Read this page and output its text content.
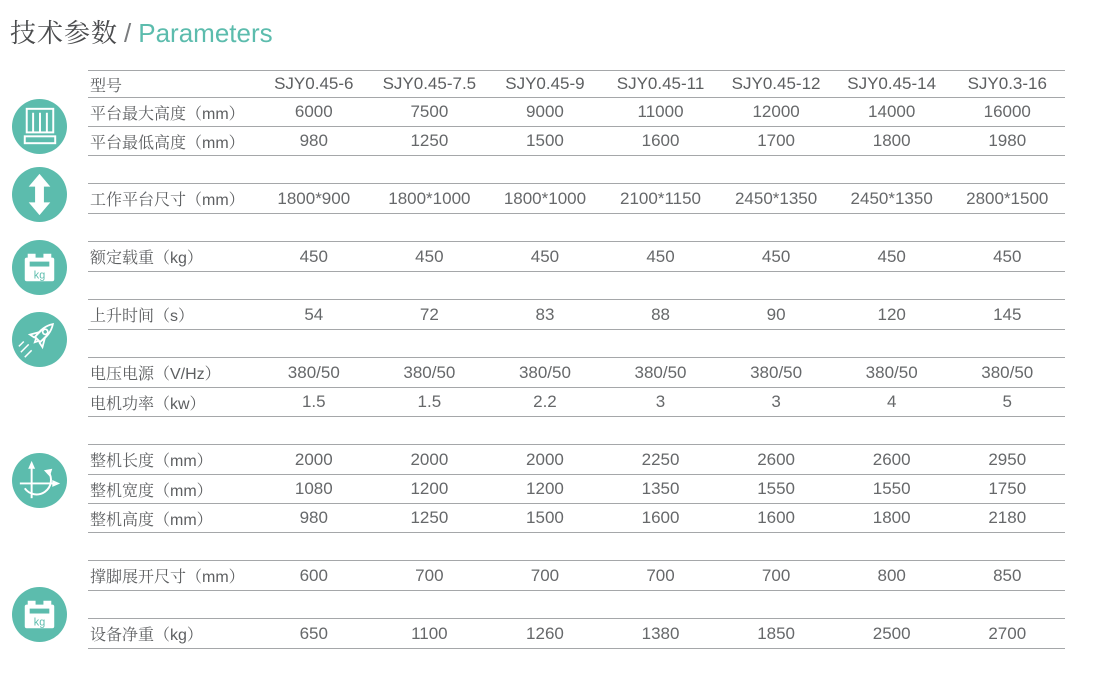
技术参数 / Parameters
kg
kg
型号	SJY0.45-6	SJY0.45-7.5	SJY0.45-9	SJY0.45-11	SJY0.45-12	SJY0.45-14	SJY0.3-16
平台最大高度（mm）	6000	7500	9000	11000	12000	14000	16000
平台最低高度（mm）	980	1250	1500	1600	1700	1800	1980
工作平台尺寸（mm）	1800*900	1800*1000	1800*1000	2100*1150	2450*1350	2450*1350	2800*1500
额定载重（kg）	450	450	450	450	450	450	450
上升时间（s）	54	72	83	88	90	120	145
电压电源（V/Hz）	380/50	380/50	380/50	380/50	380/50	380/50	380/50
电机功率（kw）	1.5	1.5	2.2	3	3	4	5
整机长度（mm）	2000	2000	2000	2250	2600	2600	2950
整机宽度（mm）	1080	1200	1200	1350	1550	1550	1750
整机高度（mm）	980	1250	1500	1600	1600	1800	2180
撑脚展开尺寸（mm）	600	700	700	700	700	800	850
设备净重（kg）	650	1100	1260	1380	1850	2500	2700
